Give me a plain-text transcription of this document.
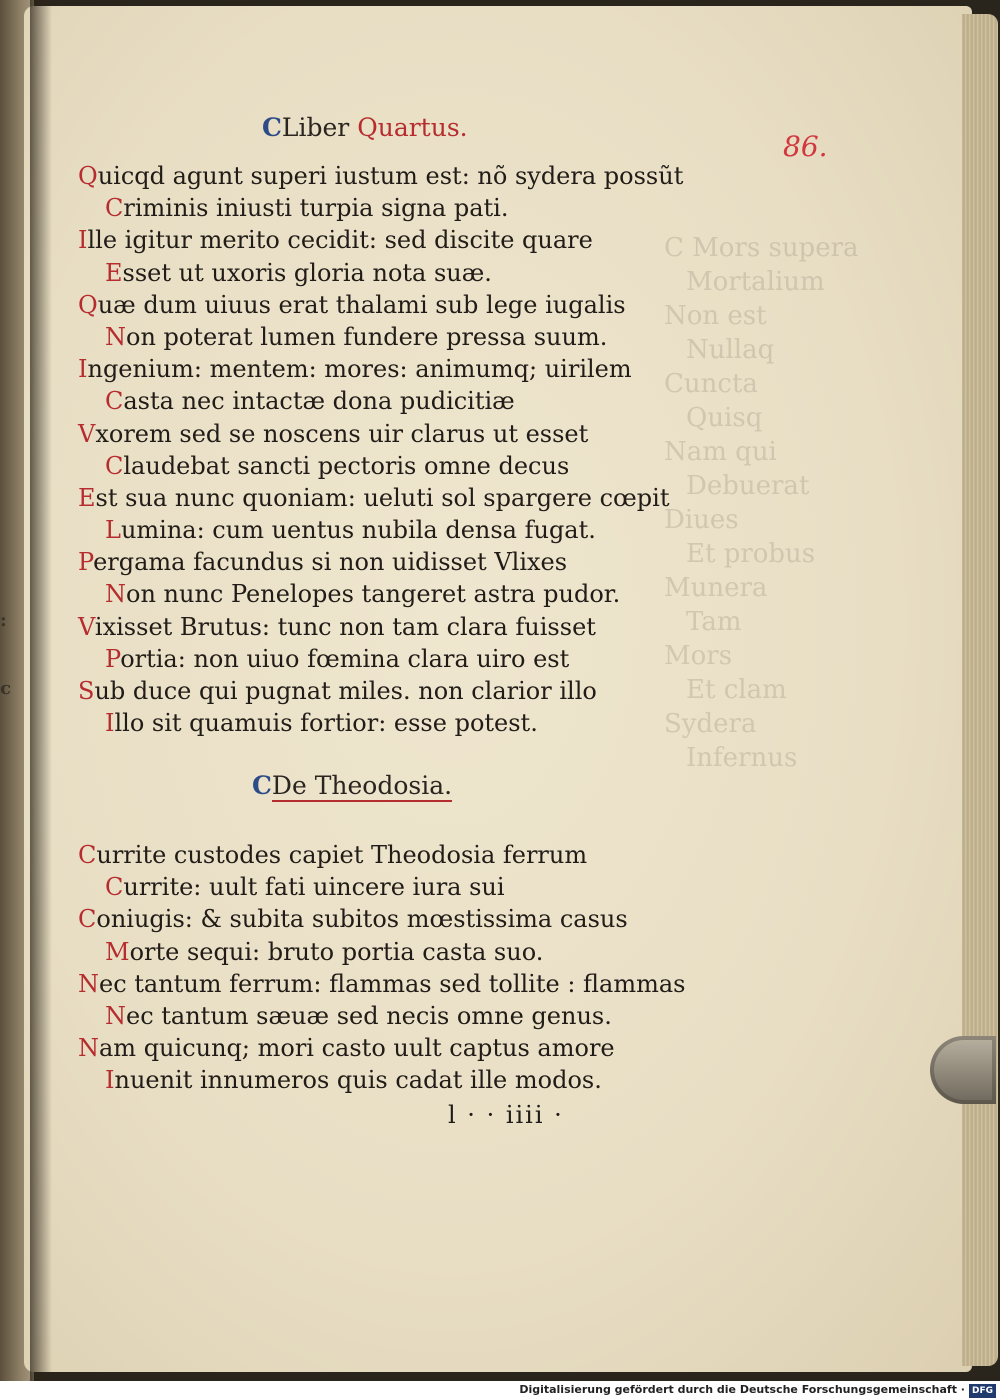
C Mors supera
Mortalium
Non est
Nullaq
Cuncta
Quisq
Nam qui
Debuerat
Diues
Et probus
Munera
Tam
Mors
Et clam
Sydera
Infernus
:
c
CLiber Quartus.
86.
Quicqd agunt superi iustum est: nõ sydera possũt
Criminis iniusti turpia signa pati.
Ille igitur merito cecidit: sed discite quare
Esset ut uxoris gloria nota suæ.
Quæ dum uiuus erat thalami sub lege iugalis
Non poterat lumen fundere pressa suum.
Ingenium: mentem: mores: animumq; uirilem
Casta nec intactæ dona pudicitiæ
Vxorem sed se noscens uir clarus ut esset
Claudebat sancti pectoris omne decus
Est sua nunc quoniam: ueluti sol spargere cœpit
Lumina: cum uentus nubila densa fugat.
Pergama facundus si non uidisset Vlixes
Non nunc Penelopes tangeret astra pudor.
Vixisset Brutus: tunc non tam clara fuisset
Portia: non uiuo fœmina clara uiro est
Sub duce qui pugnat miles. non clarior illo
Illo sit quamuis fortior: esse potest.
CDe Theodosia.
Currite custodes capiet Theodosia ferrum
Currite: uult fati uincere iura sui
Coniugis: & subita subitos mœstissima casus
Morte sequi: bruto portia casta suo.
Nec tantum ferrum: flammas sed tollite : flammas
Nec tantum sæuæ sed necis omne genus.
Nam quicunq; mori casto uult captus amore
Inuenit innumeros quis cadat ille modos.
l · · iiii ·
Digitalisierung gefördert durch die Deutsche Forschungsgemeinschaft · DFG
